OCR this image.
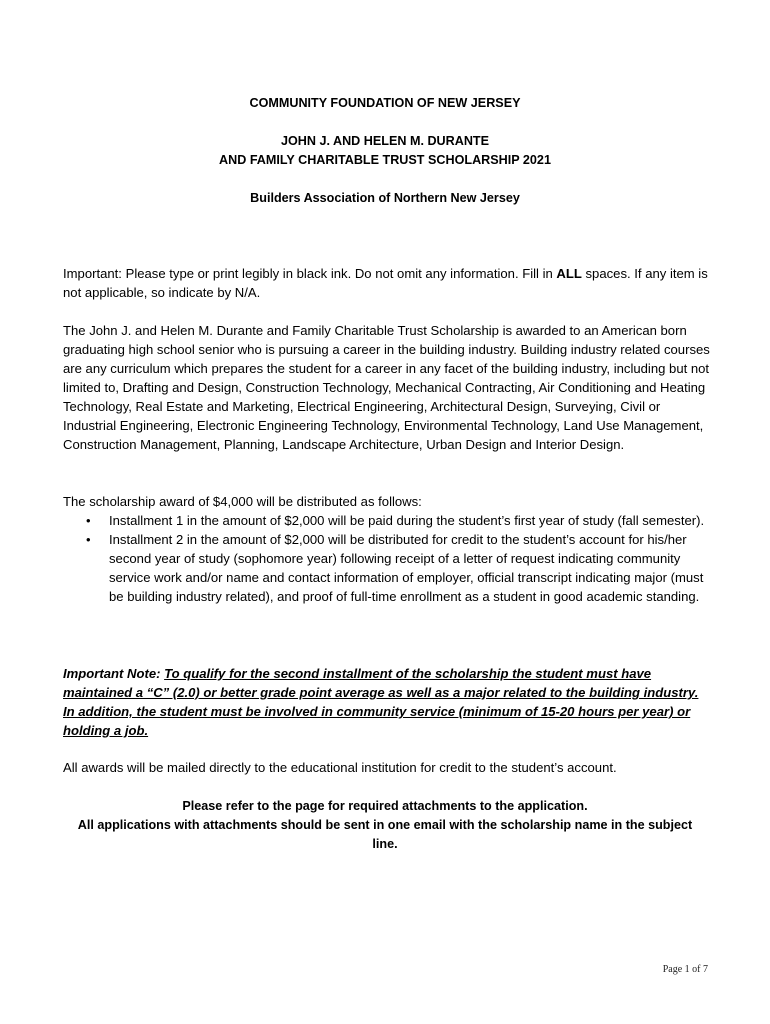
COMMUNITY FOUNDATION OF NEW JERSEY
JOHN J. AND HELEN M. DURANTE
AND FAMILY CHARITABLE TRUST SCHOLARSHIP 2021
Builders Association of Northern New Jersey
Important: Please type or print legibly in black ink. Do not omit any information. Fill in ALL spaces. If any item is not applicable, so indicate by N/A.
The John J. and Helen M. Durante and Family Charitable Trust Scholarship is awarded to an American born graduating high school senior who is pursuing a career in the building industry. Building industry related courses are any curriculum which prepares the student for a career in any facet of the building industry, including but not limited to, Drafting and Design, Construction Technology, Mechanical Contracting, Air Conditioning and Heating Technology, Real Estate and Marketing, Electrical Engineering, Architectural Design, Surveying, Civil or Industrial Engineering, Electronic Engineering Technology, Environmental Technology, Land Use Management, Construction Management, Planning, Landscape Architecture, Urban Design and Interior Design.
The scholarship award of $4,000 will be distributed as follows:
• Installment 1 in the amount of $2,000 will be paid during the student’s first year of study (fall semester).
• Installment 2 in the amount of $2,000 will be distributed for credit to the student’s account for his/her second year of study (sophomore year) following receipt of a letter of request indicating community service work and/or name and contact information of employer, official transcript indicating major (must be building industry related), and proof of full-time enrollment as a student in good academic standing.
Important Note: To qualify for the second installment of the scholarship the student must have maintained a “C” (2.0) or better grade point average as well as a major related to the building industry. In addition, the student must be involved in community service (minimum of 15-20 hours per year) or holding a job.
All awards will be mailed directly to the educational institution for credit to the student’s account.
Please refer to the page for required attachments to the application.
All applications with attachments should be sent in one email with the scholarship name in the subject line.
Page 1 of 7
